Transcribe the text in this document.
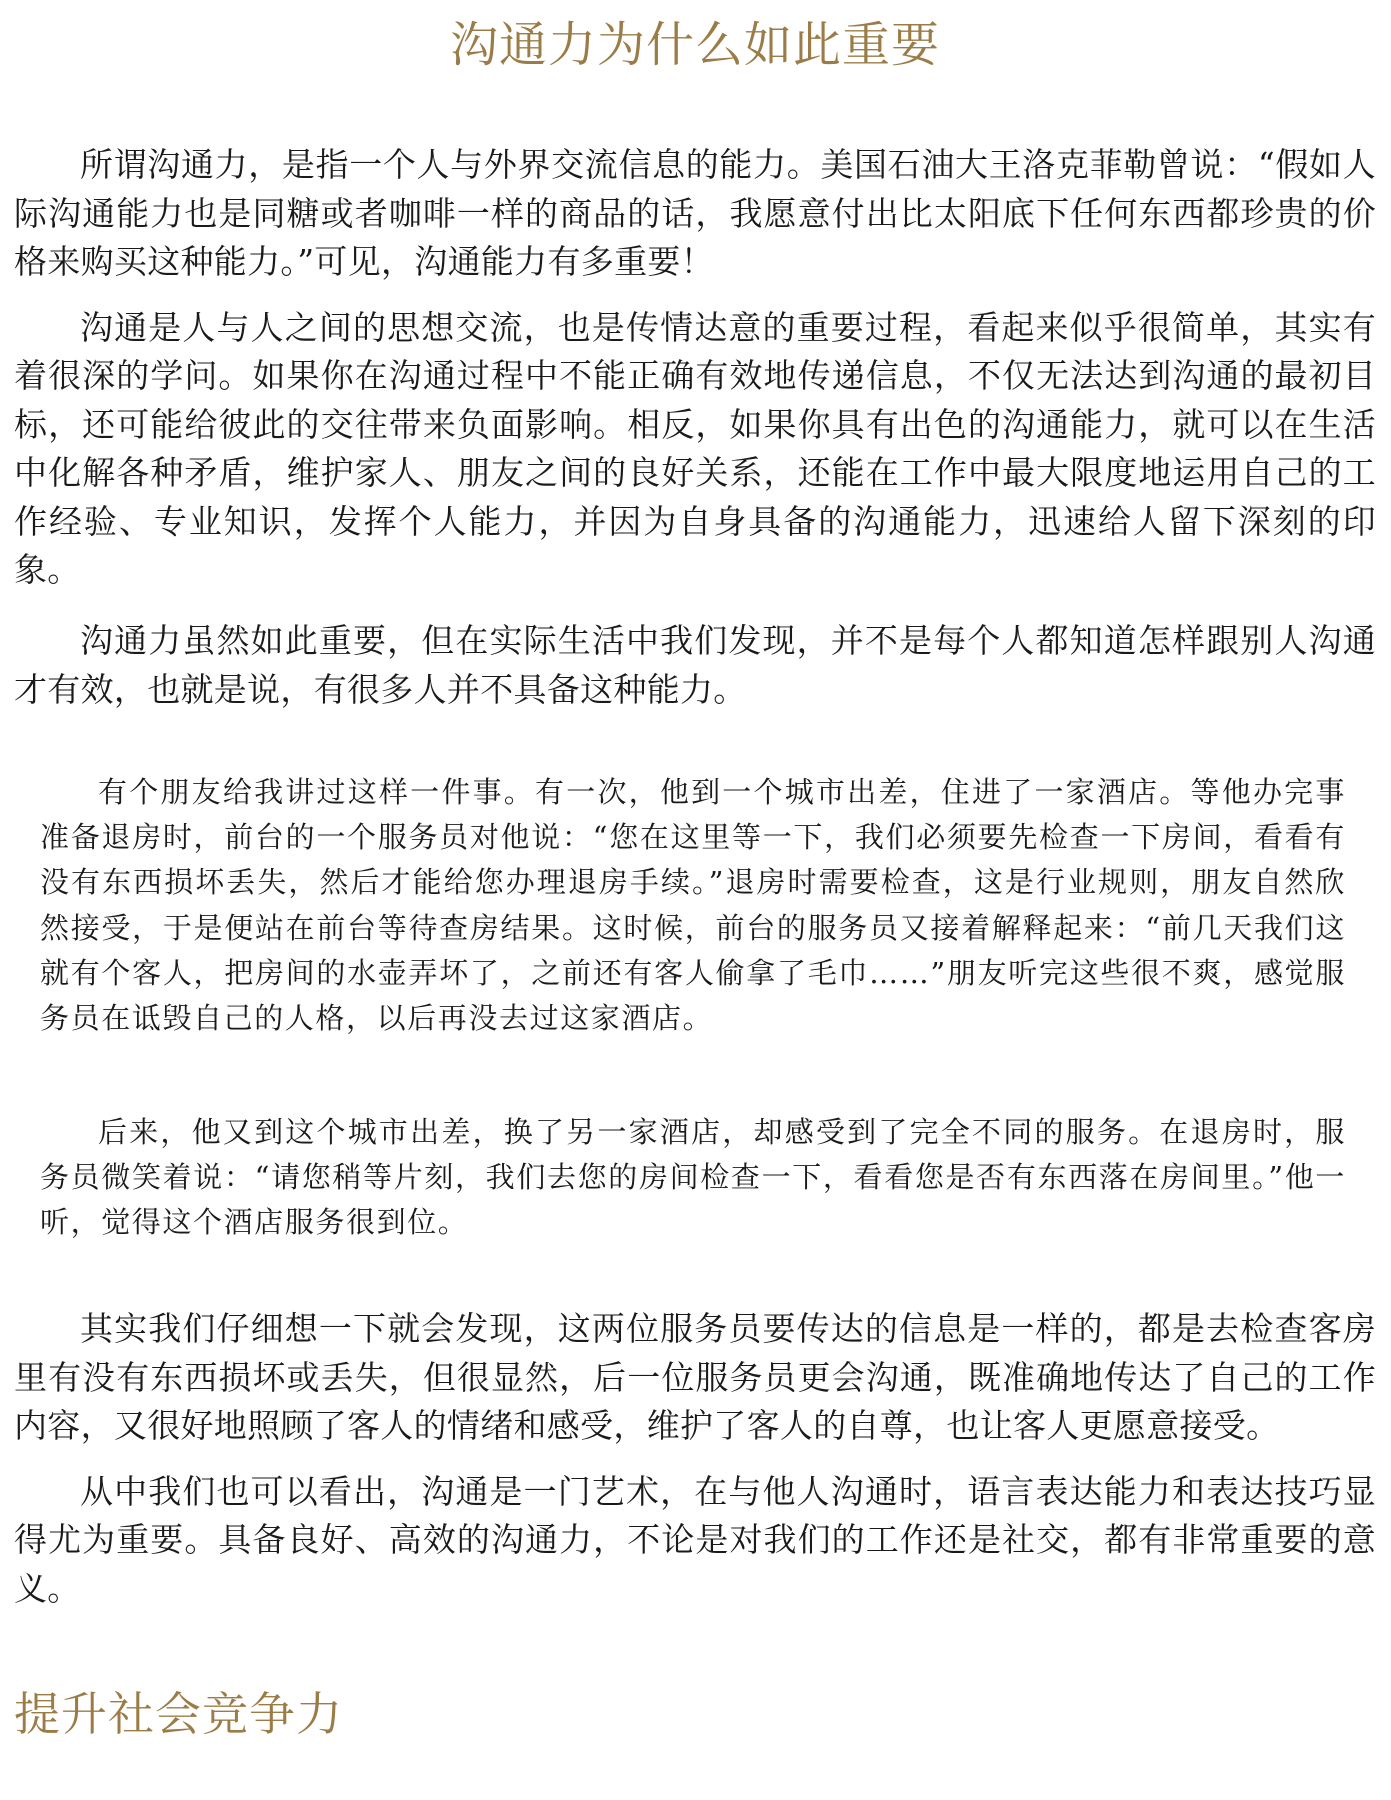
沟通力为什么如此重要

所谓沟通力，是指一个人与外界交流信息的能力。美国石油大王洛克菲勒曾说：“假如人际沟通能力也是同糖或者咖啡一样的商品的话，我愿意付出比太阳底下任何东西都珍贵的价格来购买这种能力。”可见，沟通能力有多重要！

沟通是人与人之间的思想交流，也是传情达意的重要过程，看起来似乎很简单，其实有着很深的学问。如果你在沟通过程中不能正确有效地传递信息，不仅无法达到沟通的最初目标，还可能给彼此的交往带来负面影响。相反，如果你具有出色的沟通能力，就可以在生活中化解各种矛盾，维护家人、朋友之间的良好关系，还能在工作中最大限度地运用自己的工作经验、专业知识，发挥个人能力，并因为自身具备的沟通能力，迅速给人留下深刻的印象。

沟通力虽然如此重要，但在实际生活中我们发现，并不是每个人都知道怎样跟别人沟通才有效，也就是说，有很多人并不具备这种能力。

有个朋友给我讲过这样一件事。有一次，他到一个城市出差，住进了一家酒店。等他办完事准备退房时，前台的一个服务员对他说：“您在这里等一下，我们必须要先检查一下房间，看看有没有东西损坏丢失，然后才能给您办理退房手续。”退房时需要检查，这是行业规则，朋友自然欣然接受，于是便站在前台等待查房结果。这时候，前台的服务员又接着解释起来：“前几天我们这就有个客人，把房间的水壶弄坏了，之前还有客人偷拿了毛巾……”朋友听完这些很不爽，感觉服务员在诋毁自己的人格，以后再没去过这家酒店。

后来，他又到这个城市出差，换了另一家酒店，却感受到了完全不同的服务。在退房时，服务员微笑着说：“请您稍等片刻，我们去您的房间检查一下，看看您是否有东西落在房间里。”他一听，觉得这个酒店服务很到位。

其实我们仔细想一下就会发现，这两位服务员要传达的信息是一样的，都是去检查客房里有没有东西损坏或丢失，但很显然，后一位服务员更会沟通，既准确地传达了自己的工作内容，又很好地照顾了客人的情绪和感受，维护了客人的自尊，也让客人更愿意接受。

从中我们也可以看出，沟通是一门艺术，在与他人沟通时，语言表达能力和表达技巧显得尤为重要。具备良好、高效的沟通力，不论是对我们的工作还是社交，都有非常重要的意义。

提升社会竞争力
